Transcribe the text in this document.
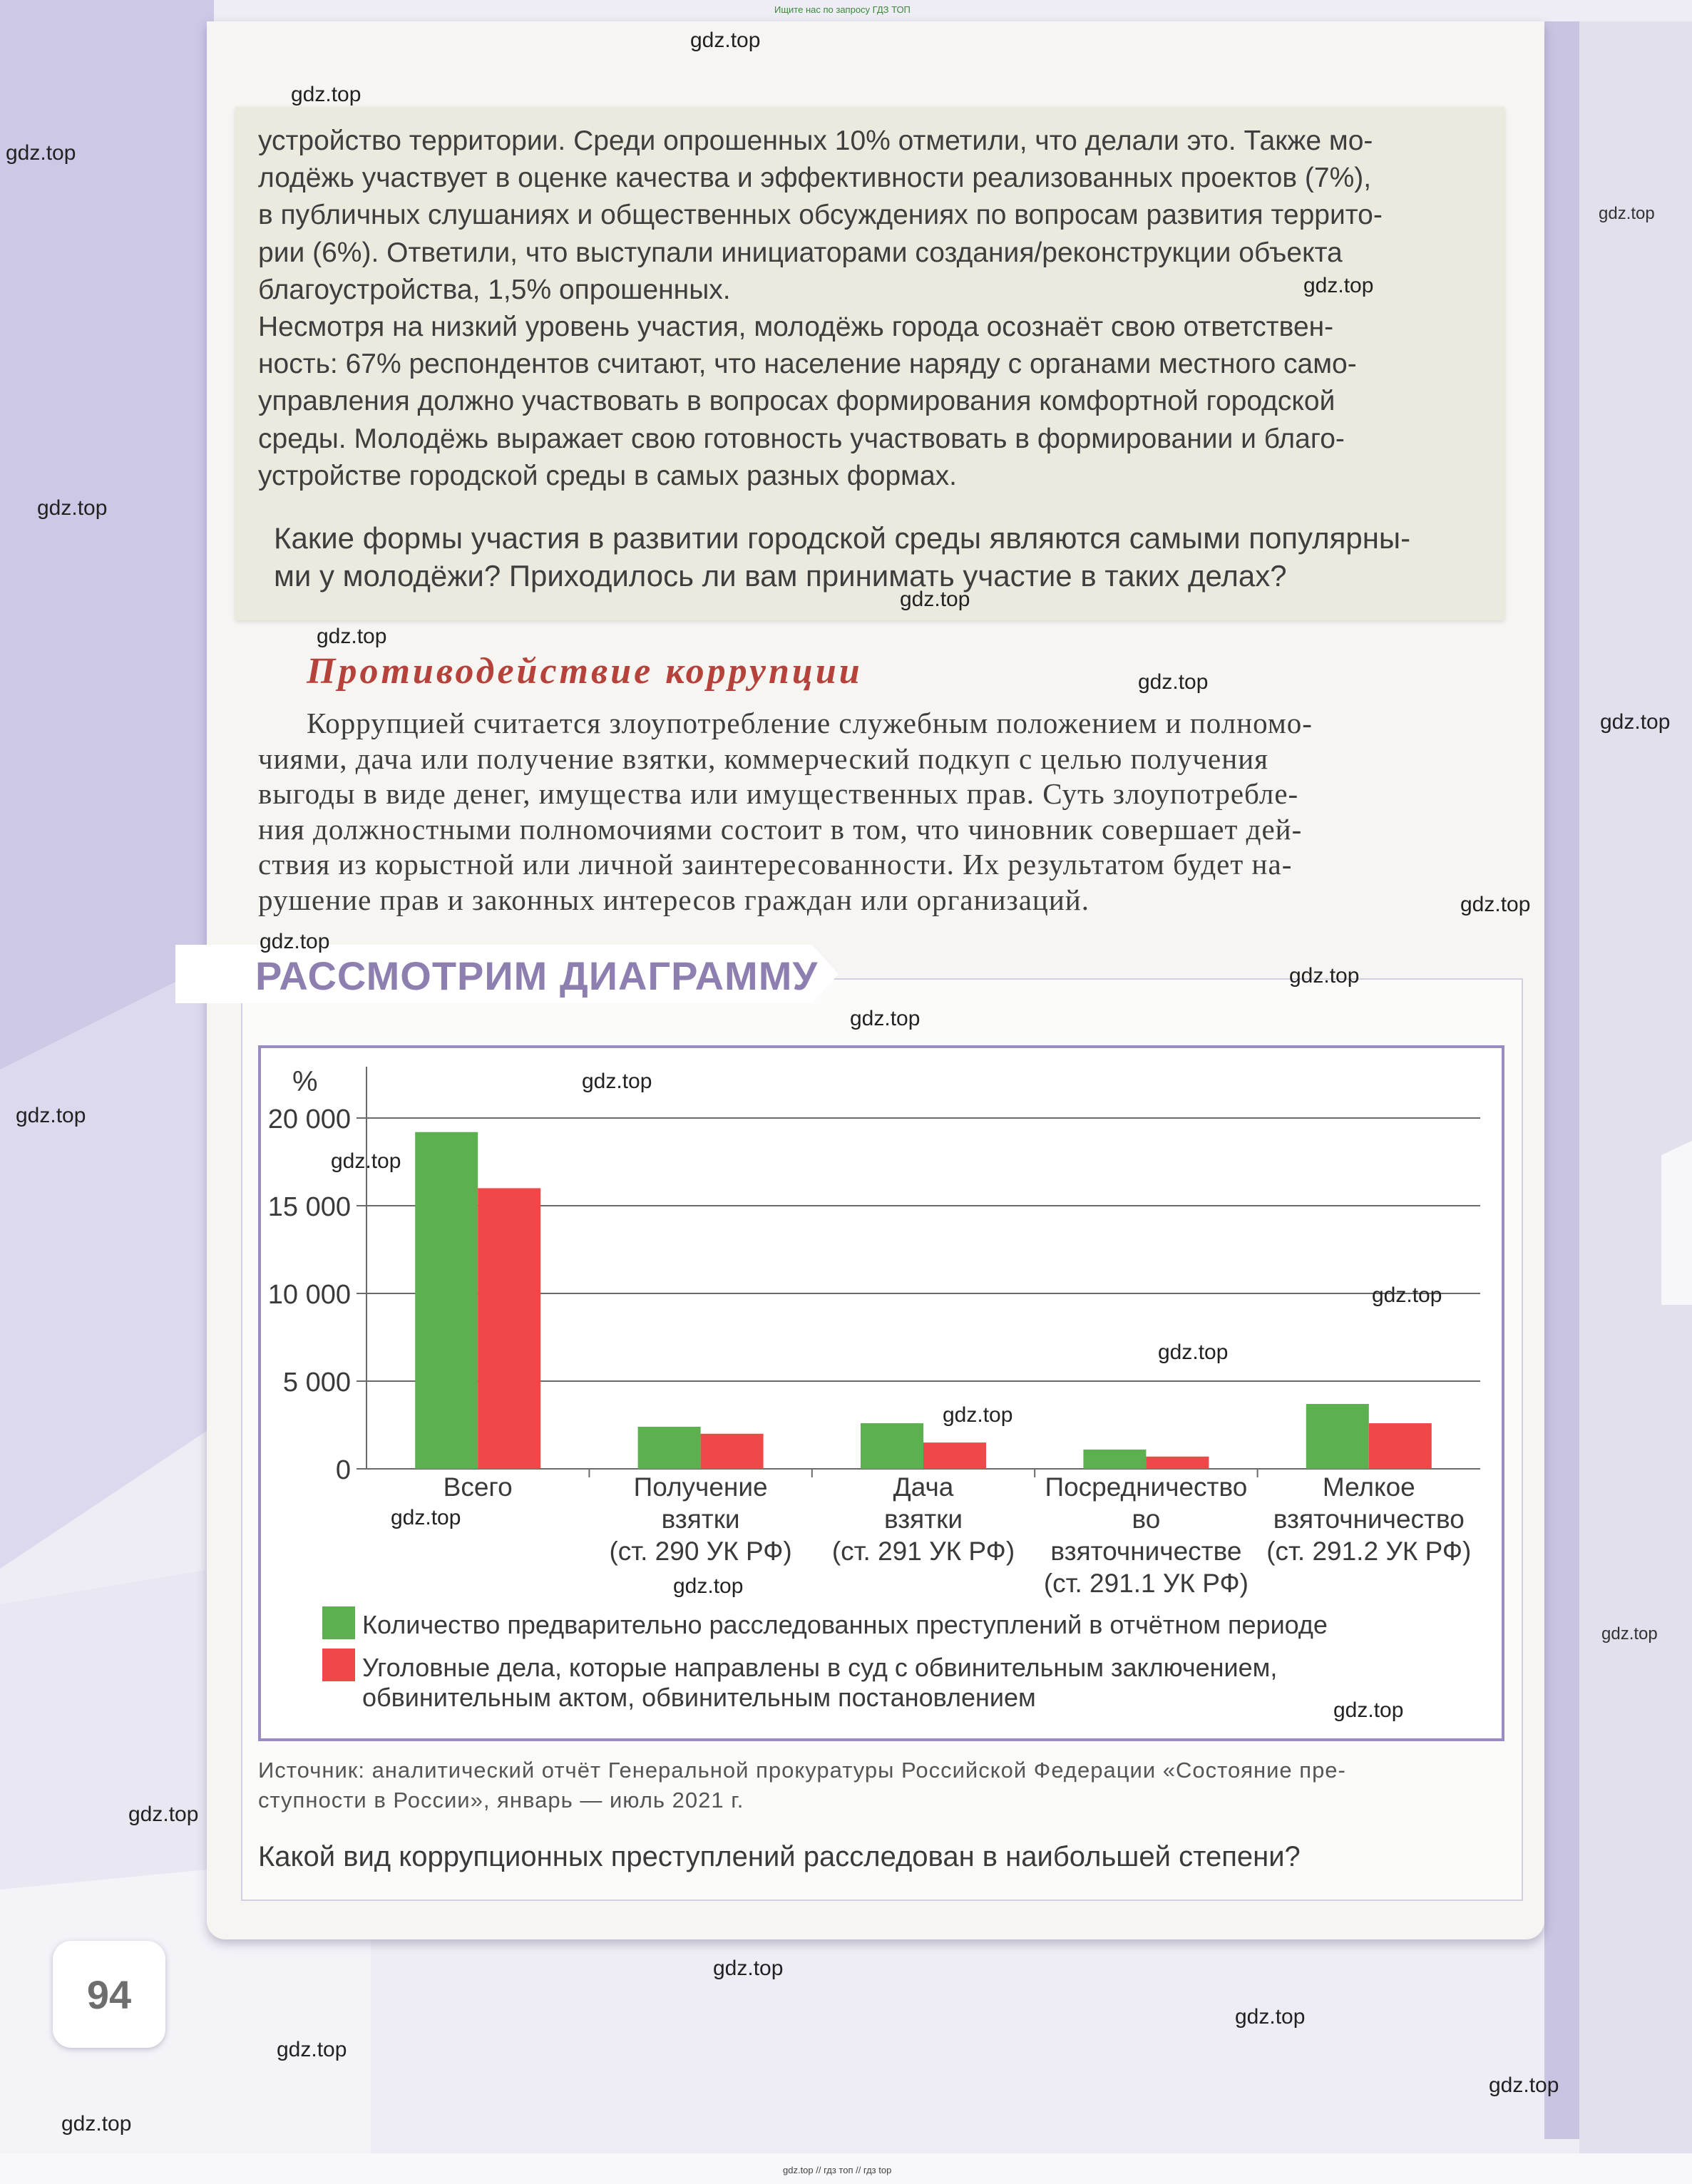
Ищите нас по запросу ГДЗ ТОП
устройство территории. Среди опрошенных 10% отметили, что делали это. Также мо-
лодёжь участвует в оценке качества и эффективности реализованных проектов (7%),
в публичных слушаниях и общественных обсуждениях по вопросам развития террито-
рии (6%). Ответили, что выступали инициаторами создания/реконструкции объекта
благоустройства, 1,5% опрошенных.
Несмотря на низкий уровень участия, молодёжь города осознаёт свою ответствен-
ность: 67% респондентов считают, что население наряду с органами местного само-
управления должно участвовать в вопросах формирования комфортной городской
среды. Молодёжь выражает свою готовность участвовать в формировании и благо-
устройстве городской среды в самых разных формах.
Какие формы участия в развитии городской среды являются самыми популярны-
ми у молодёжи? Приходилось ли вам принимать участие в таких делах?
Противодействие коррупции
Коррупцией считается злоупотребление служебным положением и полномо-
чиями, дача или получение взятки, коммерческий подкуп с целью получения
выгоды в виде денег, имущества или имущественных прав. Суть злоупотребле-
ния должностными полномочиями состоит в том, что чиновник совершает дей-
ствия из корыстной или личной заинтересованности. Их результатом будет на-
рушение прав и законных интересов граждан или организаций.
РАССМОТРИМ ДИАГРАММУ
20 000
15 000
10 000
5 000
0
%
Всего	Получение
взятки
(ст. 290 УК РФ)
Дача
взятки
(ст. 291 УК РФ)
Посредничество
во
взяточничестве
(ст. 291.1 УК РФ)
Мелкое
взяточничество
(ст. 291.2 УК РФ)
Количество предварительно расследованных преступлений в отчётном периоде
Уголовные дела, которые направлены в суд с обвинительным заключением,
обвинительным актом, обвинительным постановлением
Источник: аналитический отчёт Генеральной прокуратуры Российской Федерации «Состояние пре-
ступности в России», январь — июль 2021 г.
Какой вид коррупционных преступлений расследован в наибольшей степени?
94
gdz.top
gdz.top
gdz.top
gdz.top
gdz.top
gdz.top
gdz.top
gdz.top
gdz.top
gdz.top
gdz.top
gdz.top
gdz.top
gdz.top
gdz.top
gdz.top
gdz.top
gdz.top
gdz.top
gdz.top
gdz.top
gdz.top
gdz.top
gdz.top
gdz.top
gdz.top
gdz.top
gdz.top
gdz.top
gdz.top
gdz.top // гдз топ // гдз top
